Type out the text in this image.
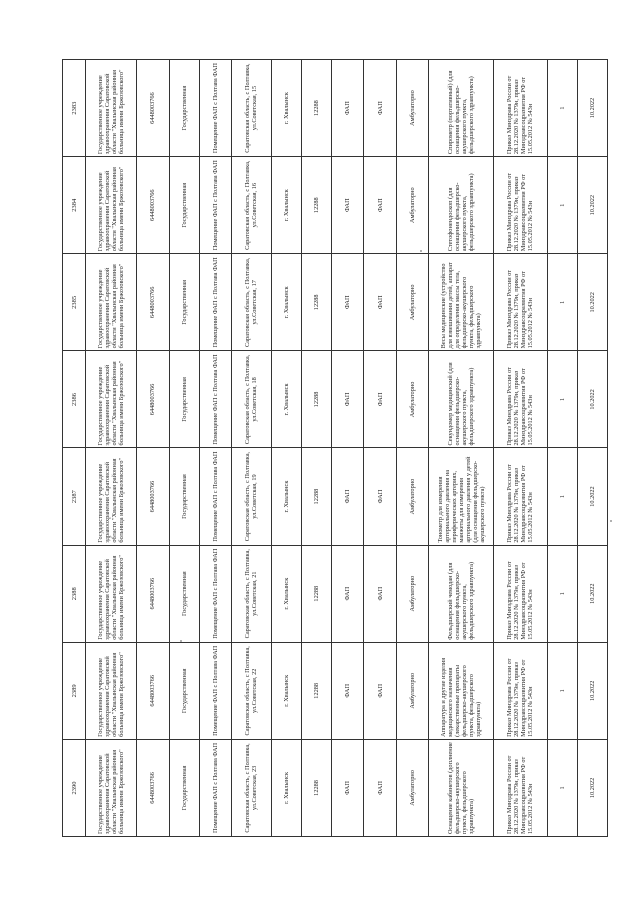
2390	2389	2388	2387	2386	2385	2384	2383
Государственное учреждение здравоохранения Саратовской области "Хвалынская районная больница имени Бржозовского"	Государственное учреждение здравоохранения Саратовской области "Хвалынская районная больница имени Бржозовского"	Государственное учреждение здравоохранения Саратовской области "Хвалынская районная больница имени Бржозовского"	Государственное учреждение здравоохранения Саратовской области "Хвалынская районная больница имени Бржозовского"	Государственное учреждение здравоохранения Саратовской области "Хвалынская районная больница имени Бржозовского"	Государственное учреждение здравоохранения Саратовской области "Хвалынская районная больница имени Бржозовского"	Государственное учреждение здравоохранения Саратовской области "Хвалынская районная больница имени Бржозовского"	Государственное учреждение здравоохранения Саратовской области "Хвалынская районная больница имени Бржозовского"
6448003766	6448003766	6448003766	6448003766	6448003766	6448003766	6448003766	6448003766
Государственная	Государственная	Государственная	Государственная	Государственная	Государственная	Государственная	Государственная
Помещение ФАП с Полтава ФАП	Помещение ФАП с Полтава ФАП	Помещение ФАП с Полтава ФАП	Помещение ФАП с Полтава ФАП	Помещение ФАП с Полтава ФАП	Помещение ФАП с Полтава ФАП	Помещение ФАП с Полтава ФАП	Помещение ФАП с Полтава ФАП
Саратовская область, с Полтавка, ул.Советская, 23	Саратовская область, с Полтавка, ул.Советская, 22	Саратовская область, с Полтавка, ул.Советская, 21	Саратовская область, с Полтавка, ул.Советская, 19	Саратовская область, с Полтавка, ул.Советская, 18	Саратовская область, с Полтавка, ул.Советская, 17	Саратовская область, с Полтавка, ул.Советская, 16	Саратовская область, с Полтавка, ул.Советская, 15
г. Хвалынск	г. Хвалынск	г. Хвалынск	г. Хвалынск	г. Хвалынск	г. Хвалынск	г. Хвалынск	г. Хвалынск
12288	12288	12288	12288	12288	12288	12288	12288
ФАП	ФАП	ФАП	ФАП	ФАП	ФАП	ФАП	ФАП
ФАП	ФАП	ФАП	ФАП	ФАП	ФАП	ФАП	ФАП
Амбулаторно	Амбулаторно	Амбулаторно	Амбулаторно	Амбулаторно	Амбулаторно	Амбулаторно	Амбулаторно
Оснащение кабинетов (доплнение фельдшерско-акушерского пункта, фельдшерского здравпункта)	Аппаратура и другие изделия медицинского назначения (лекарственные препараты фельдшерско-акушерского пункта, фельдшерского здравпункта)	Фельдшерский чемодан (для оснащения фельдшерско-акушерского пункта, фельдшерского здравпункта)	Тонометр для измерения артериального давления на периферических артериях, манжеты для измерения артериального давления у детей (для оснащения фельдшерско-акушерского пункта)	Секундомер медицинский (для оснащения фельдшерско-акушерского пункта, фельдшерского здравпункта)	Весы медицинские (устройство для взвешивания детей, аппарат для определения массы тела, фельдшерско-акушерского пункта, фельдшерского здравпункта)	Стетофонендоскоп (для оснащения фельдшерско-акушерского пункта, фельдшерского здравпункта)	Спирометр (портативный) (для оснащения фельдшерско-акушерского пункта, фельдшерского здравпункта)
Приказ Минздрава России от 28.12.2020 № 1379н, приказ Минздравсоцразвития РФ от 15.05.2012 № 543н	Приказ Минздрава России от 28.12.2020 № 1379н, приказ Минздравсоцразвития РФ от 15.05.2012 № 543н	Приказ Минздрава России от 28.12.2020 № 1379н, приказ Минздравсоцразвития РФ от 15.05.2012 № 543н	Приказ Минздрава России от 28.12.2020 № 1379н, приказ Минздравсоцразвития РФ от 15.05.2012 № 543н	Приказ Минздрава России от 28.12.2020 № 1379н, приказ Минздравсоцразвития РФ от 15.05.2012 № 543н	Приказ Минздрава России от 28.12.2020 № 1379н, приказ Минздравсоцразвития РФ от 15.05.2012 № 543н	Приказ Минздрава России от 28.12.2020 № 1379н, приказ Минздравсоцразвития РФ от 15.05.2012 № 543н	Приказ Минздрава России от 28.12.2020 № 1379н, приказ Минздравсоцразвития РФ от 15.05.2012 № 543н
1	1	1	1	1	1	1	1
10.2022	10.2022	10.2022	10.2022	10.2022	10.2022	10.2022	10.2022
